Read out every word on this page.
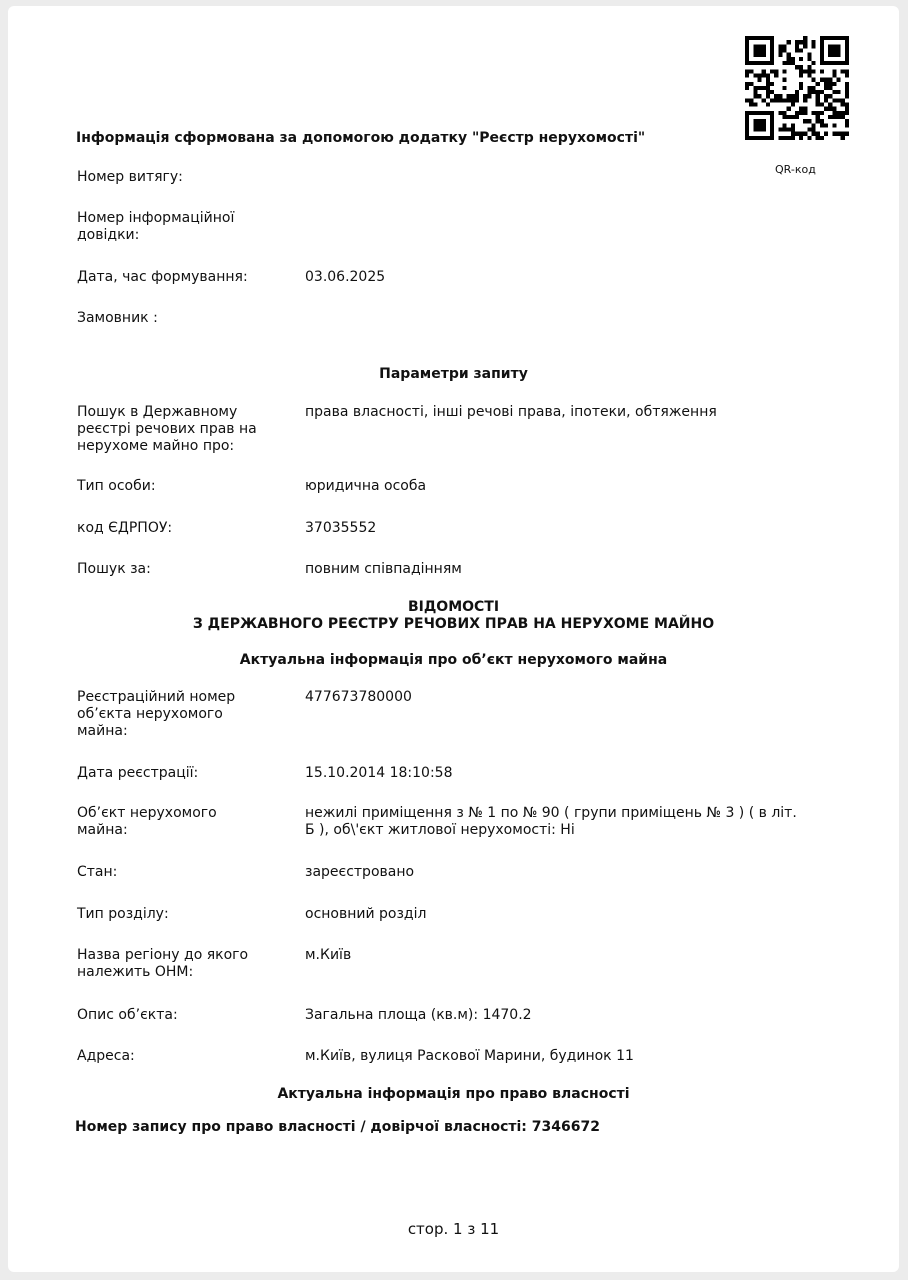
Інформація сформована за допомогою додатку "Реєстр нерухомості"
QR-код
Номер витягу:
Номер інформаційної
довідки:
Дата, час формування:	03.06.2025
Замовник :
Параметри запиту
Пошук в Державному
реєстрі речових прав на
нерухоме майно про:
права власності, інші речові права, іпотеки, обтяження
Тип особи:	юридична особа
код ЄДРПОУ:	37035552
Пошук за:	повним співпадінням
ВІДОМОСТІ
З ДЕРЖАВНОГО РЕЄСТРУ РЕЧОВИХ ПРАВ НА НЕРУХОМЕ МАЙНО
Актуальна інформація про об’єкт нерухомого майна
Реєстраційний номер
об’єкта нерухомого
майна:
477673780000
Дата реєстрації:	15.10.2014 18:10:58
Об’єкт нерухомого
майна:
нежилі приміщення з № 1 по № 90 ( групи приміщень № 3 ) ( в літ.
Б ), об\'єкт житлової нерухомості: Ні
Стан:	зареєстровано
Тип розділу:	основний розділ
Назва регіону до якого
належить ОНМ:
м.Київ
Опис об’єкта:	Загальна площа (кв.м): 1470.2
Адреса:	м.Київ, вулиця Раскової Марини, будинок 11
Актуальна інформація про право власності
Номер запису про право власності / довірчої власності: 7346672
стор. 1 з 11
